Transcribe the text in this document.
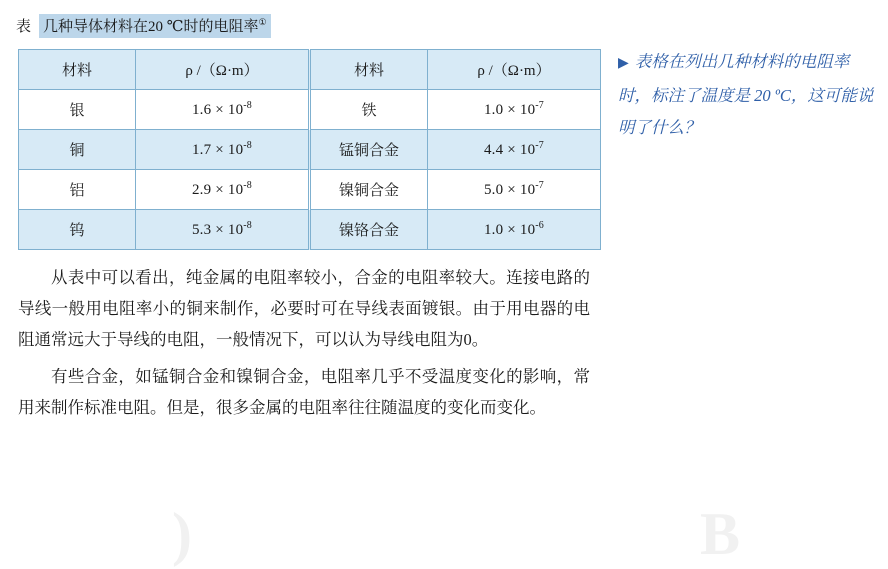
表 几种导体材料在20 ℃时的电阻率①
材料	ρ /（Ω·m）	材料	ρ /（Ω·m）
银	$1.6 \times 10^{-8}$	铁	$1.0 \times 10^{-7}$
铜	$1.7 \times 10^{-8}$	锰铜合金	$4.4 \times 10^{-7}$
铝	$2.9 \times 10^{-8}$	镍铜合金	$5.0 \times 10^{-7}$
钨	$5.3 \times 10^{-8}$	镍铬合金	$1.0 \times 10^{-6}$

从表中可以看出，纯金属的电阻率较小，合金的电阻率较大。连接电路的导线一般用电阻率小的铜来制作，必要时可在导线表面镀银。由于用电器的电阻通常远大于导线的电阻，一般情况下，可以认为导线电阻为0。

有些合金，如锰铜合金和镍铜合金，电阻率几乎不受温度变化的影响，常用来制作标准电阻。但是，很多金属的电阻率往往随温度的变化而变化。

▶ 表格在列出几种材料的电阻率时，标注了温度是 20 ºC，这可能说明了什么？
)	B
